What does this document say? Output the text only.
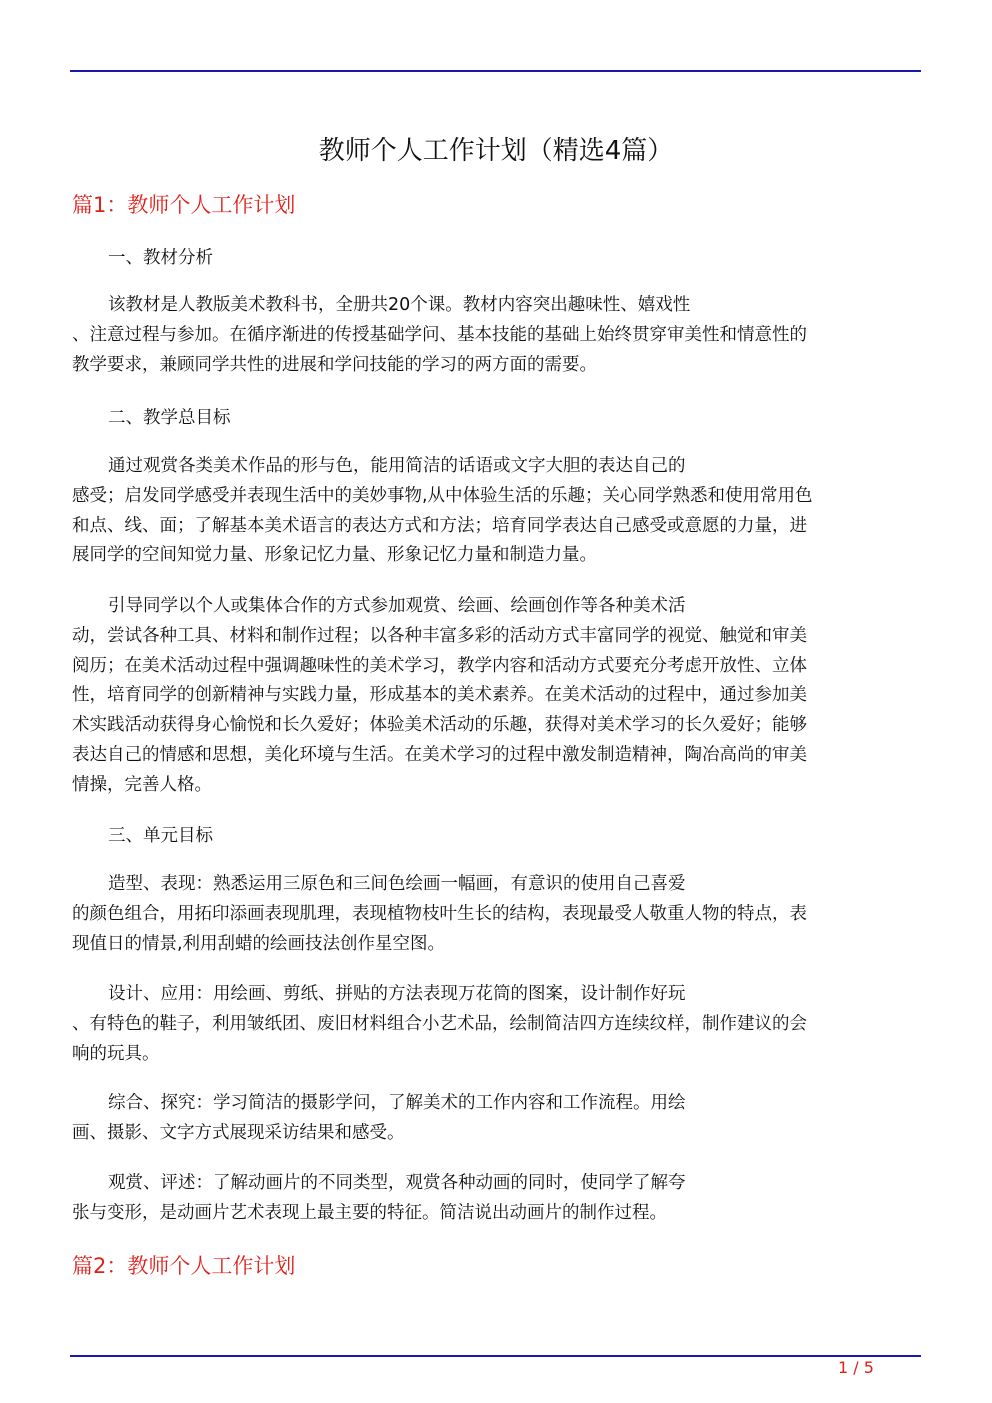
教师个人工作计划（精选4篇）
篇1：教师个人工作计划
一、教材分析
该教材是人教版美术教科书，全册共20个课。教材内容突出趣味性、嬉戏性
、注意过程与参加。在循序渐进的传授基础学问、基本技能的基础上始终贯穿审美性和情意性的
教学要求，兼顾同学共性的进展和学问技能的学习的两方面的需要。
二、教学总目标
通过观赏各类美术作品的形与色，能用简洁的话语或文字大胆的表达自己的
感受；启发同学感受并表现生活中的美妙事物,从中体验生活的乐趣；关心同学熟悉和使用常用色
和点、线、面；了解基本美术语言的表达方式和方法；培育同学表达自己感受或意愿的力量，进
展同学的空间知觉力量、形象记忆力量、形象记忆力量和制造力量。
引导同学以个人或集体合作的方式参加观赏、绘画、绘画创作等各种美术活
动，尝试各种工具、材料和制作过程；以各种丰富多彩的活动方式丰富同学的视觉、触觉和审美
阅历；在美术活动过程中强调趣味性的美术学习，教学内容和活动方式要充分考虑开放性、立体
性，培育同学的创新精神与实践力量，形成基本的美术素养。在美术活动的过程中，通过参加美
术实践活动获得身心愉悦和长久爱好；体验美术活动的乐趣，获得对美术学习的长久爱好；能够
表达自己的情感和思想，美化环境与生活。在美术学习的过程中激发制造精神，陶冶高尚的审美
情操，完善人格。
三、单元目标
造型、表现：熟悉运用三原色和三间色绘画一幅画，有意识的使用自己喜爱
的颜色组合，用拓印添画表现肌理，表现植物枝叶生长的结构，表现最受人敬重人物的特点，表
现值日的情景,利用刮蜡的绘画技法创作星空图。
设计、应用：用绘画、剪纸、拼贴的方法表现万花筒的图案，设计制作好玩
、有特色的鞋子，利用皱纸团、废旧材料组合小艺术品，绘制简洁四方连续纹样，制作建议的会
响的玩具。
综合、探究：学习简洁的摄影学问，了解美术的工作内容和工作流程。用绘
画、摄影、文字方式展现采访结果和感受。
观赏、评述：了解动画片的不同类型，观赏各种动画的同时，使同学了解夸
张与变形，是动画片艺术表现上最主要的特征。简洁说出动画片的制作过程。
篇2：教师个人工作计划
1 / 5
